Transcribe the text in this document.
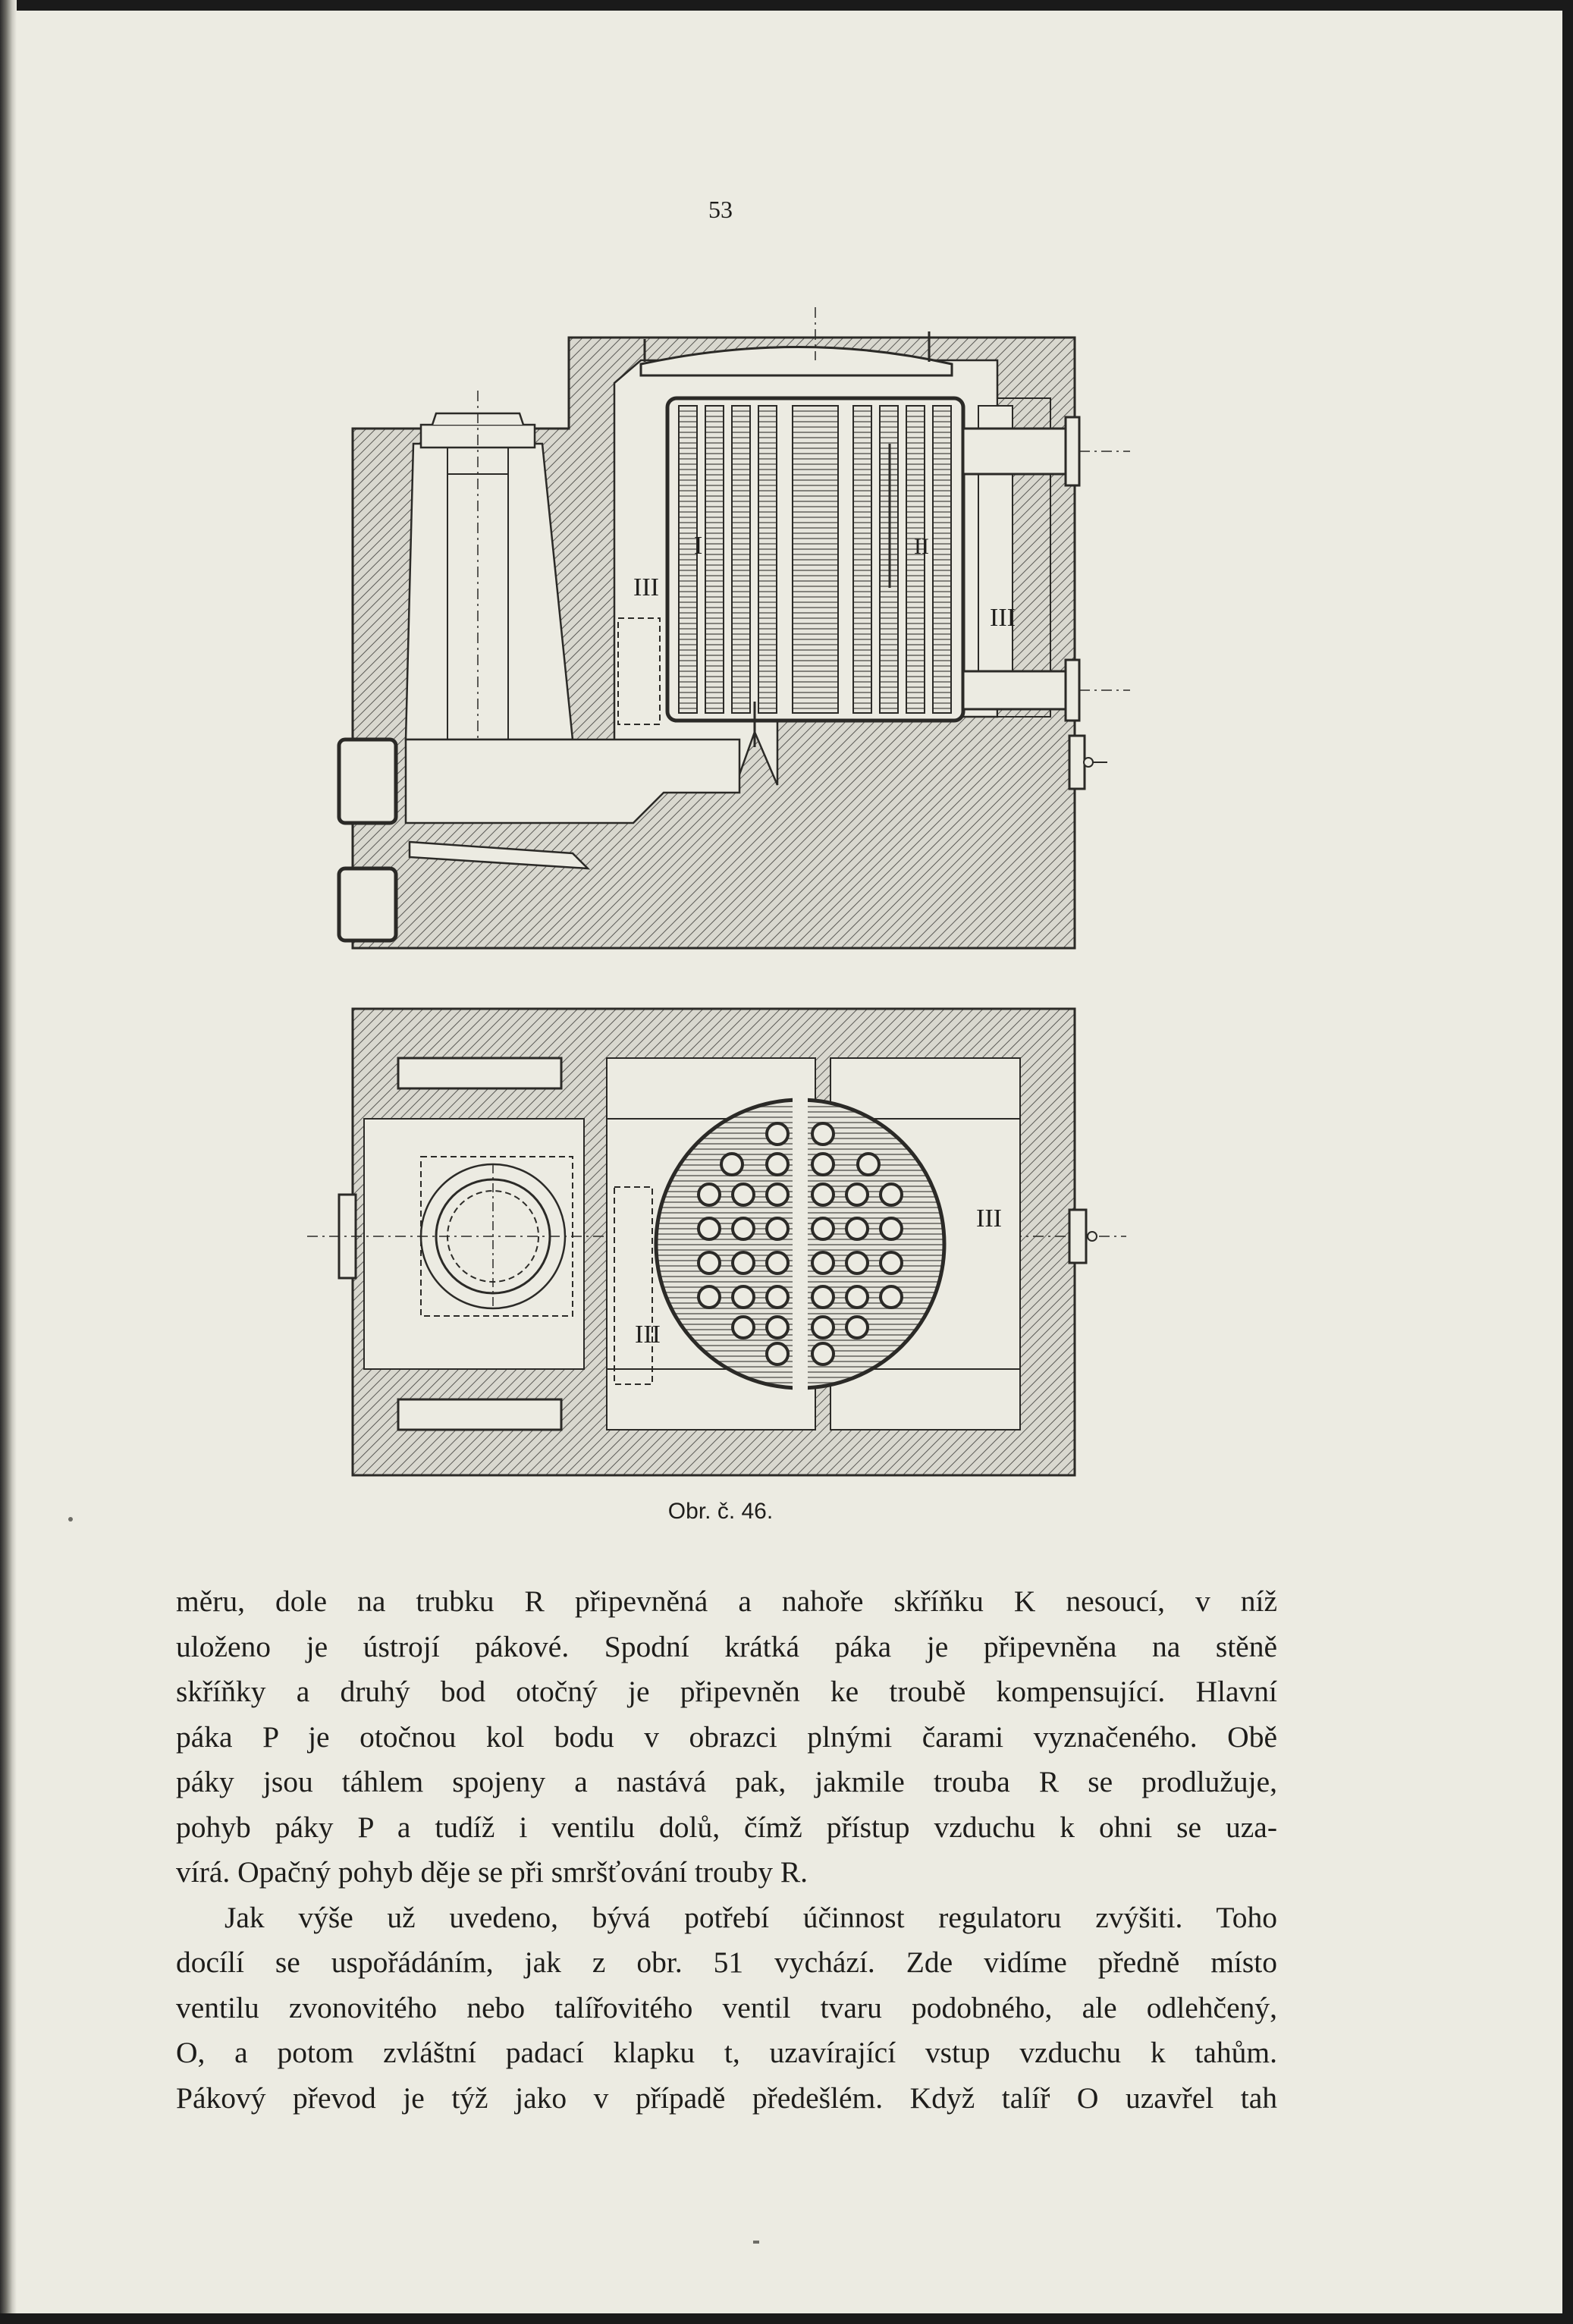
53
III
I	II
III
III
III
Obr. č. 46.

měru, dole na trubku R připevněná a nahoře skříňku K nesoucí, v níž
uloženo je ústrojí pákové. Spodní krátká páka je připevněna na stěně
skříňky a druhý bod otočný je připevněn ke troubě kompensující. Hlavní
páka P je otočnou kol bodu v obrazci plnými čarami vyznačeného. Obě
páky jsou táhlem spojeny a nastává pak, jakmile trouba R se prodlužuje,
pohyb páky P a tudíž i ventilu dolů, čímž přístup vzduchu k ohni se uza-
vírá. Opačný pohyb děje se při smršťování trouby R.

Jak výše už uvedeno, bývá potřebí účinnost regulatoru zvýšiti. Toho
docílí se uspořádáním, jak z obr. 51 vychází. Zde vidíme předně místo
ventilu zvonovitého nebo talířovitého ventil tvaru podobného, ale odlehčený,
O, a potom zvláštní padací klapku t, uzavírající vstup vzduchu k tahům.
Pákový převod je týž jako v případě předešlém. Když talíř O uzavřel tah
